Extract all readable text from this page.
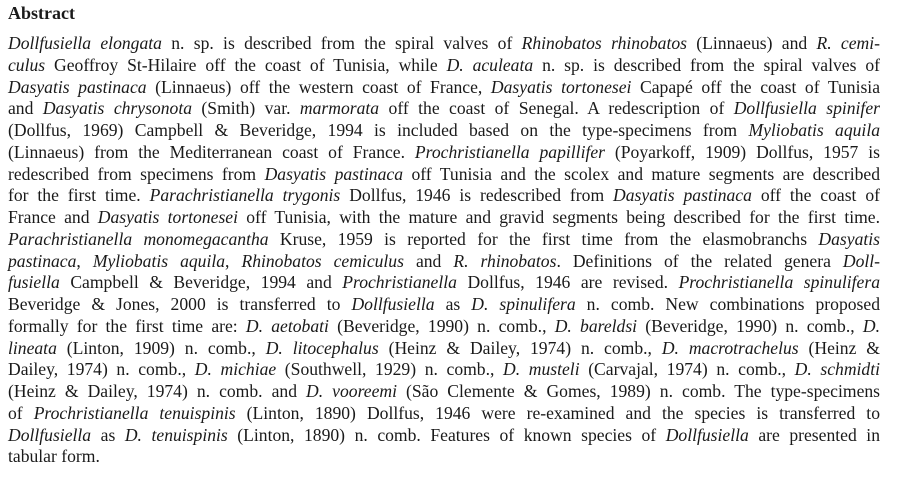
Abstract
Dollfusiella elongata n. sp. is described from the spiral valves of Rhinobatos rhinobatos (Linnaeus) and R. cemi-
culus Geoffroy St-Hilaire off the coast of Tunisia, while D. aculeata n. sp. is described from the spiral valves of
Dasyatis pastinaca (Linnaeus) off the western coast of France, Dasyatis tortonesei Capapé off the coast of Tunisia
and Dasyatis chrysonota (Smith) var. marmorata off the coast of Senegal. A redescription of Dollfusiella spinifer
(Dollfus, 1969) Campbell & Beveridge, 1994 is included based on the type-specimens from Myliobatis aquila
(Linnaeus) from the Mediterranean coast of France. Prochristianella papillifer (Poyarkoff, 1909) Dollfus, 1957 is
redescribed from specimens from Dasyatis pastinaca off Tunisia and the scolex and mature segments are described
for the first time. Parachristianella trygonis Dollfus, 1946 is redescribed from Dasyatis pastinaca off the coast of
France and Dasyatis tortonesei off Tunisia, with the mature and gravid segments being described for the first time.
Parachristianella monomegacantha Kruse, 1959 is reported for the first time from the elasmobranchs Dasyatis
pastinaca, Myliobatis aquila, Rhinobatos cemiculus and R. rhinobatos. Definitions of the related genera Doll-
fusiella Campbell & Beveridge, 1994 and Prochristianella Dollfus, 1946 are revised. Prochristianella spinulifera
Beveridge & Jones, 2000 is transferred to Dollfusiella as D. spinulifera n. comb. New combinations proposed
formally for the first time are: D. aetobati (Beveridge, 1990) n. comb., D. bareldsi (Beveridge, 1990) n. comb., D.
lineata (Linton, 1909) n. comb., D. litocephalus (Heinz & Dailey, 1974) n. comb., D. macrotrachelus (Heinz &
Dailey, 1974) n. comb., D. michiae (Southwell, 1929) n. comb., D. musteli (Carvajal, 1974) n. comb., D. schmidti
(Heinz & Dailey, 1974) n. comb. and D. vooreemi (São Clemente & Gomes, 1989) n. comb. The type-specimens
of Prochristianella tenuispinis (Linton, 1890) Dollfus, 1946 were re-examined and the species is transferred to
Dollfusiella as D. tenuispinis (Linton, 1890) n. comb. Features of known species of Dollfusiella are presented in
tabular form.
